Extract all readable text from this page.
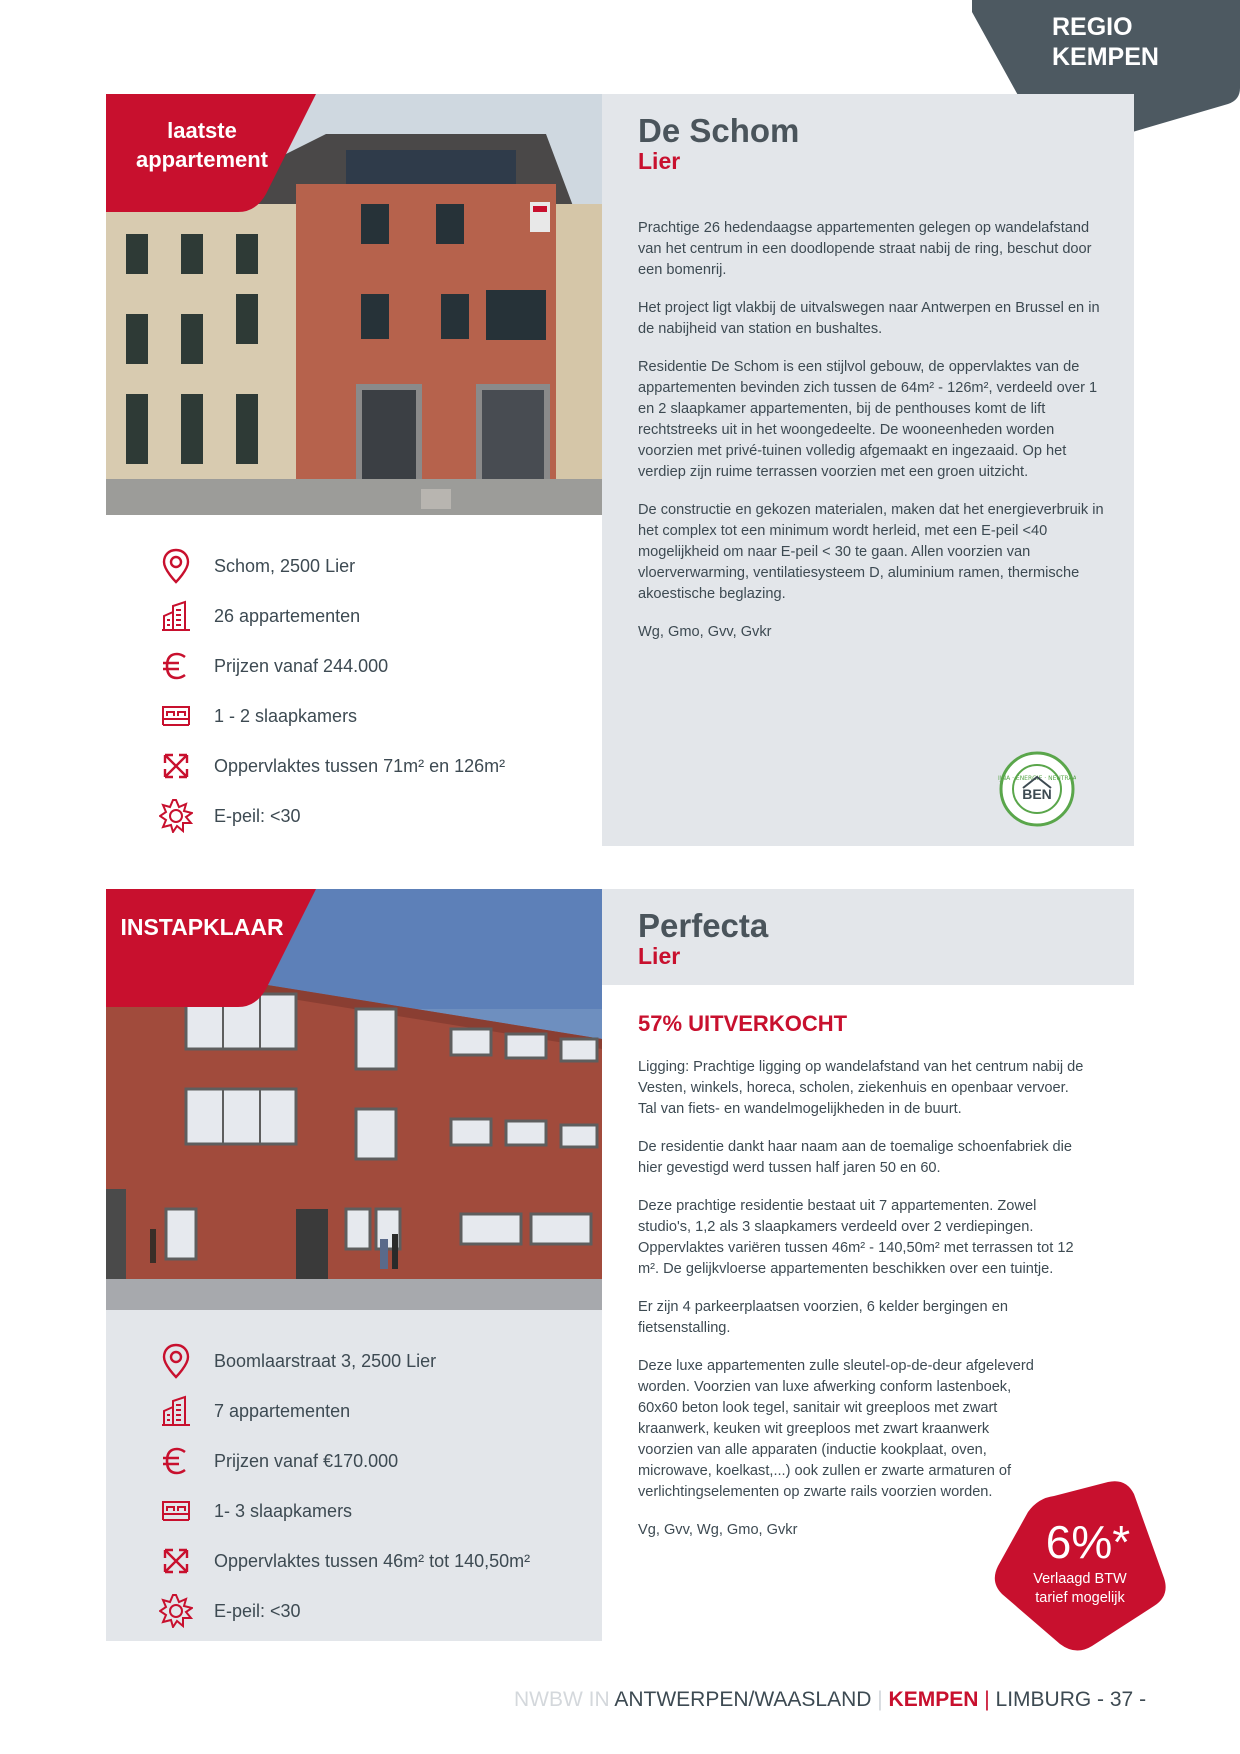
REGIO
KEMPEN
laatste
appartement
Schom, 2500 Lier
26 appartementen
Prijzen vanaf 244.000
1 - 2 slaapkamers
Oppervlaktes tussen 71m² en 126m²
E-peil: <30
De Schom
Lier

Prachtige 26 hedendaagse appartementen gelegen op wandelafstand van het centrum in een doodlopende straat nabij de ring, beschut door een bomenrij.

Het project ligt vlakbij de uitvalswegen naar Antwerpen en Brussel en in de nabijheid van station en bushaltes.

Residentie De Schom is een stijlvol gebouw, de oppervlaktes van de appartementen bevinden zich tussen de 64m² - 126m², verdeeld over 1 en 2 slaapkamer appartementen, bij de penthouses komt de lift rechtstreeks uit in het woongedeelte. De wooneenheden worden voorzien met privé-tuinen volledig afgemaakt en ingezaaid. Op het verdiep zijn ruime terrassen voorzien met een groen uitzicht.

De constructie en gekozen materialen, maken dat het energieverbruik in het complex tot een minimum wordt herleid, met een E-peil <40 mogelijkheid om naar E-peil < 30 te gaan. Allen voorzien van vloerverwarming, ventilatiesysteem D, aluminium ramen, thermische akoestische beglazing.

Wg, Gmo, Gvv, Gvkr

BIJNA · ENERGIE · NEUTRAAL
BEN
INSTAPKLAAR
Boomlaarstraat 3, 2500 Lier
7 appartementen
Prijzen vanaf €170.000
1- 3 slaapkamers
Oppervlaktes tussen 46m² tot 140,50m²
E-peil: <30
Perfecta
Lier
57% UITVERKOCHT

Ligging: Prachtige ligging op wandelafstand van het centrum nabij de Vesten, winkels, horeca, scholen, ziekenhuis en openbaar vervoer. Tal van fiets- en wandelmogelijkheden in de buurt.

De residentie dankt haar naam aan de toemalige schoenfabriek die hier gevestigd werd tussen half jaren 50 en 60.

Deze prachtige residentie bestaat uit 7 appartementen. Zowel studio's, 1,2 als 3 slaapkamers verdeeld over 2 verdiepingen. Oppervlaktes variëren tussen 46m² - 140,50m² met terrassen tot 12 m². De gelijkvloerse appartementen beschikken over een tuintje.

Er zijn 4 parkeerplaatsen voorzien, 6 kelder bergingen en fietsenstalling.

Deze luxe appartementen zulle sleutel-op-de-deur afgeleverd worden. Voorzien van luxe afwerking conform lastenboek, 60x60 beton look tegel, sanitair wit greeploos met zwart kraanwerk, keuken wit greeploos met zwart kraanwerk voorzien van alle apparaten (inductie kookplaat, oven, microwave, koelkast,...) ook zullen er zwarte armaturen of verlichtingselementen op zwarte rails voorzien worden.

Vg, Gvv, Wg, Gmo, Gvkr	6%*
Verlaagd BTW
tarief mogelijk
NWBW IN ANTWERPEN/WAASLAND | KEMPEN | LIMBURG - 37 -
